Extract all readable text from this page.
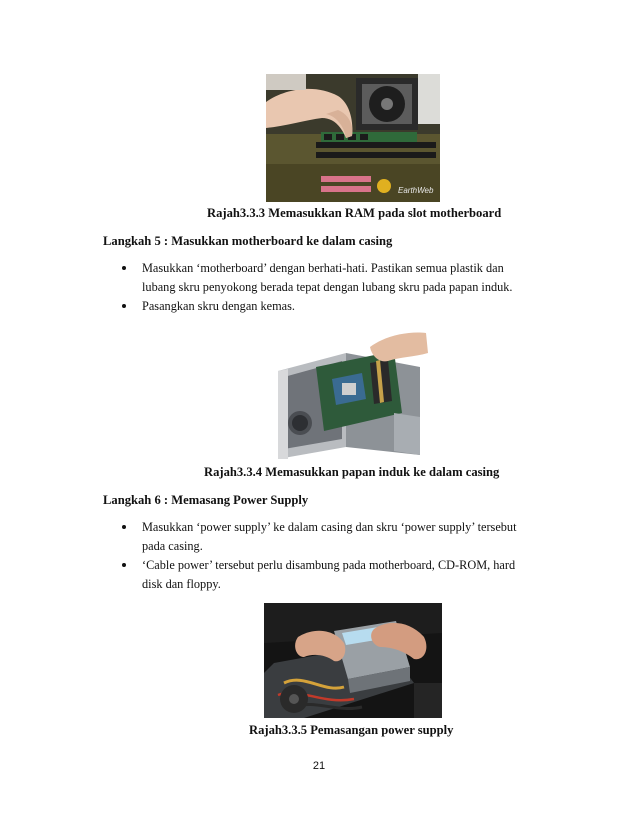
EarthWeb
Rajah3.3.3 Memasukkan RAM pada slot motherboard
Langkah 5 : Masukkan motherboard ke dalam casing
Masukkan ‘motherboard’ dengan berhati-hati. Pastikan semua plastik dan lubang skru penyokong berada tepat dengan lubang skru pada papan induk.
Pasangkan skru dengan kemas.
Rajah3.3.4 Memasukkan papan induk ke dalam casing
Langkah 6 : Memasang Power Supply
Masukkan ‘power supply’ ke dalam casing dan skru ‘power supply’ tersebut pada casing.
‘Cable power’ tersebut perlu disambung pada motherboard, CD-ROM, hard disk dan floppy.
Rajah3.3.5 Pemasangan power supply
21
